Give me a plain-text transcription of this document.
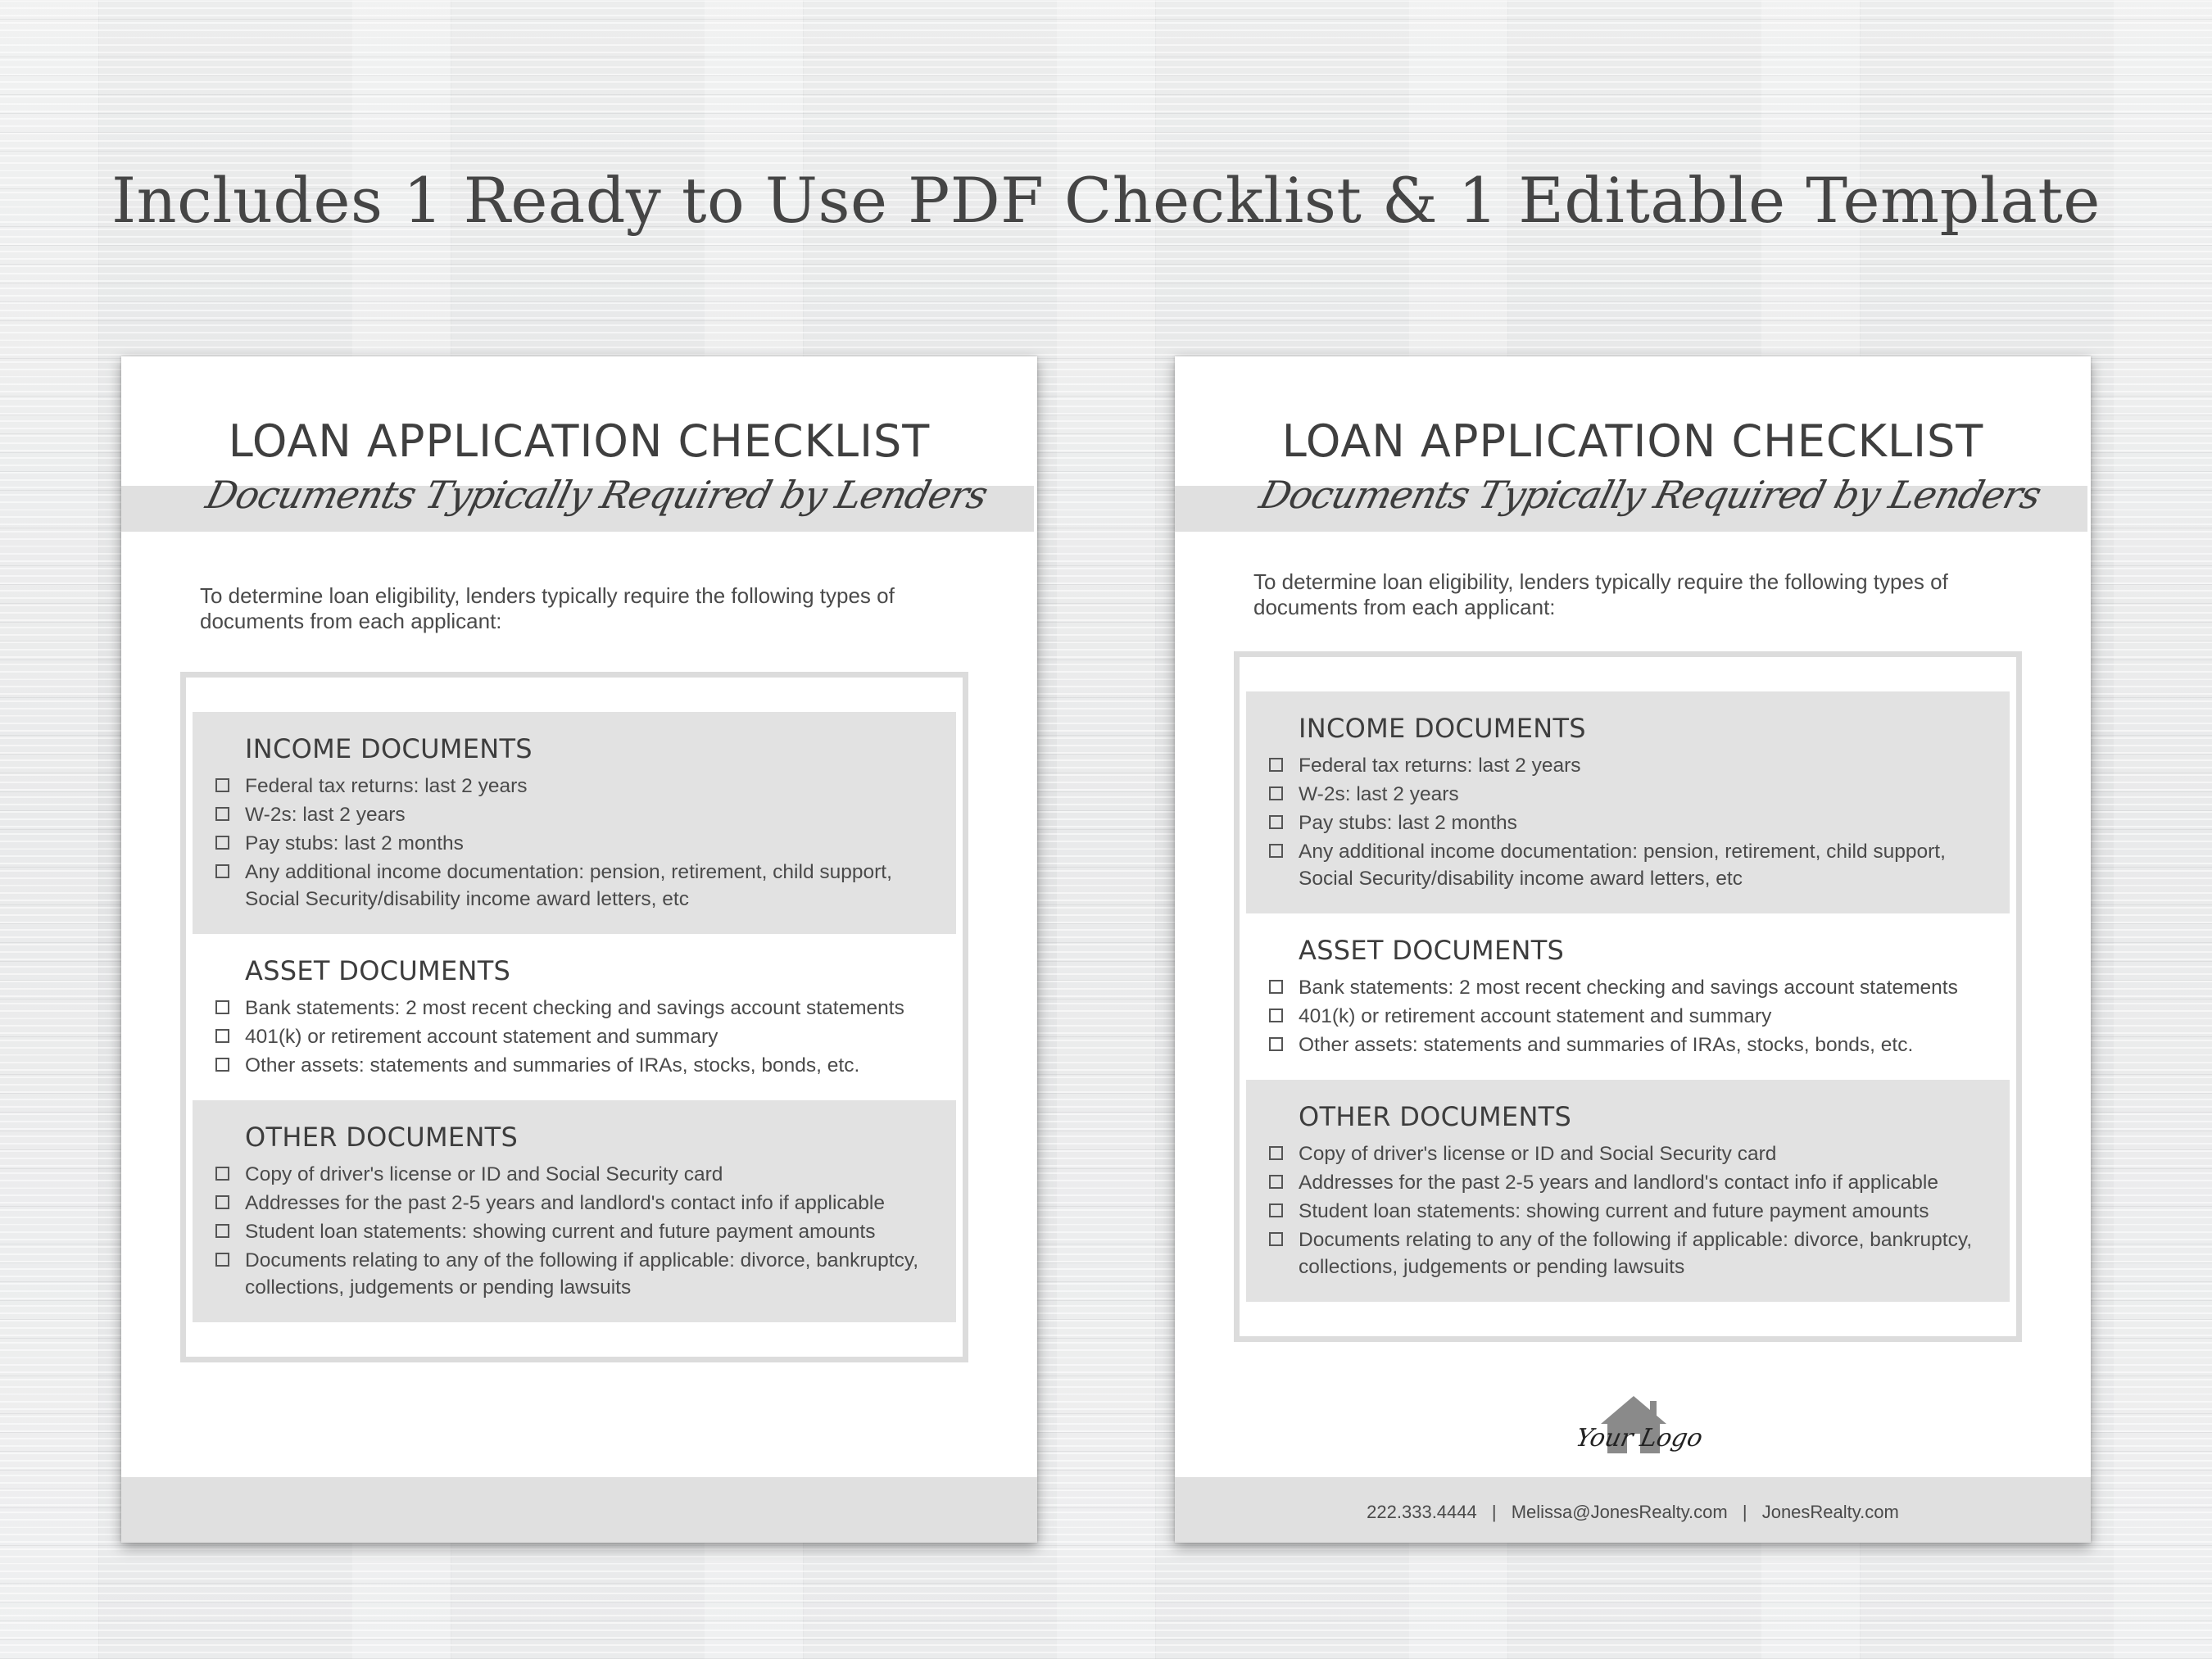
Includes 1 Ready to Use PDF Checklist & 1 Editable Template
LOAN APPLICATION CHECKLIST
Documents Typically Required by Lenders
To determine loan eligibility, lenders typically require the following types of documents from each applicant:
INCOME DOCUMENTS
Federal tax returns: last 2 years
W-2s: last 2 years
Pay stubs: last 2 months
Any additional income documentation: pension, retirement, child support, Social Security/disability income award letters, etc
ASSET DOCUMENTS
Bank statements: 2 most recent checking and savings account statements
401(k) or retirement account statement and summary
Other assets: statements and summaries of IRAs, stocks, bonds, etc.
OTHER DOCUMENTS
Copy of driver's license or ID and Social Security card
Addresses for the past 2-5 years and landlord's contact info if applicable
Student loan statements: showing current and future payment amounts
Documents relating to any of the following if applicable: divorce, bankruptcy, collections, judgements or pending lawsuits
LOAN APPLICATION CHECKLIST
Documents Typically Required by Lenders
To determine loan eligibility, lenders typically require the following types of documents from each applicant:
INCOME DOCUMENTS
Federal tax returns: last 2 years
W-2s: last 2 years
Pay stubs: last 2 months
Any additional income documentation: pension, retirement, child support, Social Security/disability income award letters, etc
ASSET DOCUMENTS
Bank statements: 2 most recent checking and savings account statements
401(k) or retirement account statement and summary
Other assets: statements and summaries of IRAs, stocks, bonds, etc.
OTHER DOCUMENTS
Copy of driver's license or ID and Social Security card
Addresses for the past 2-5 years and landlord's contact info if applicable
Student loan statements: showing current and future payment amounts
Documents relating to any of the following if applicable: divorce, bankruptcy, collections, judgements or pending lawsuits
Your Logo
222.333.4444 | Melissa@JonesRealty.com | JonesRealty.com
